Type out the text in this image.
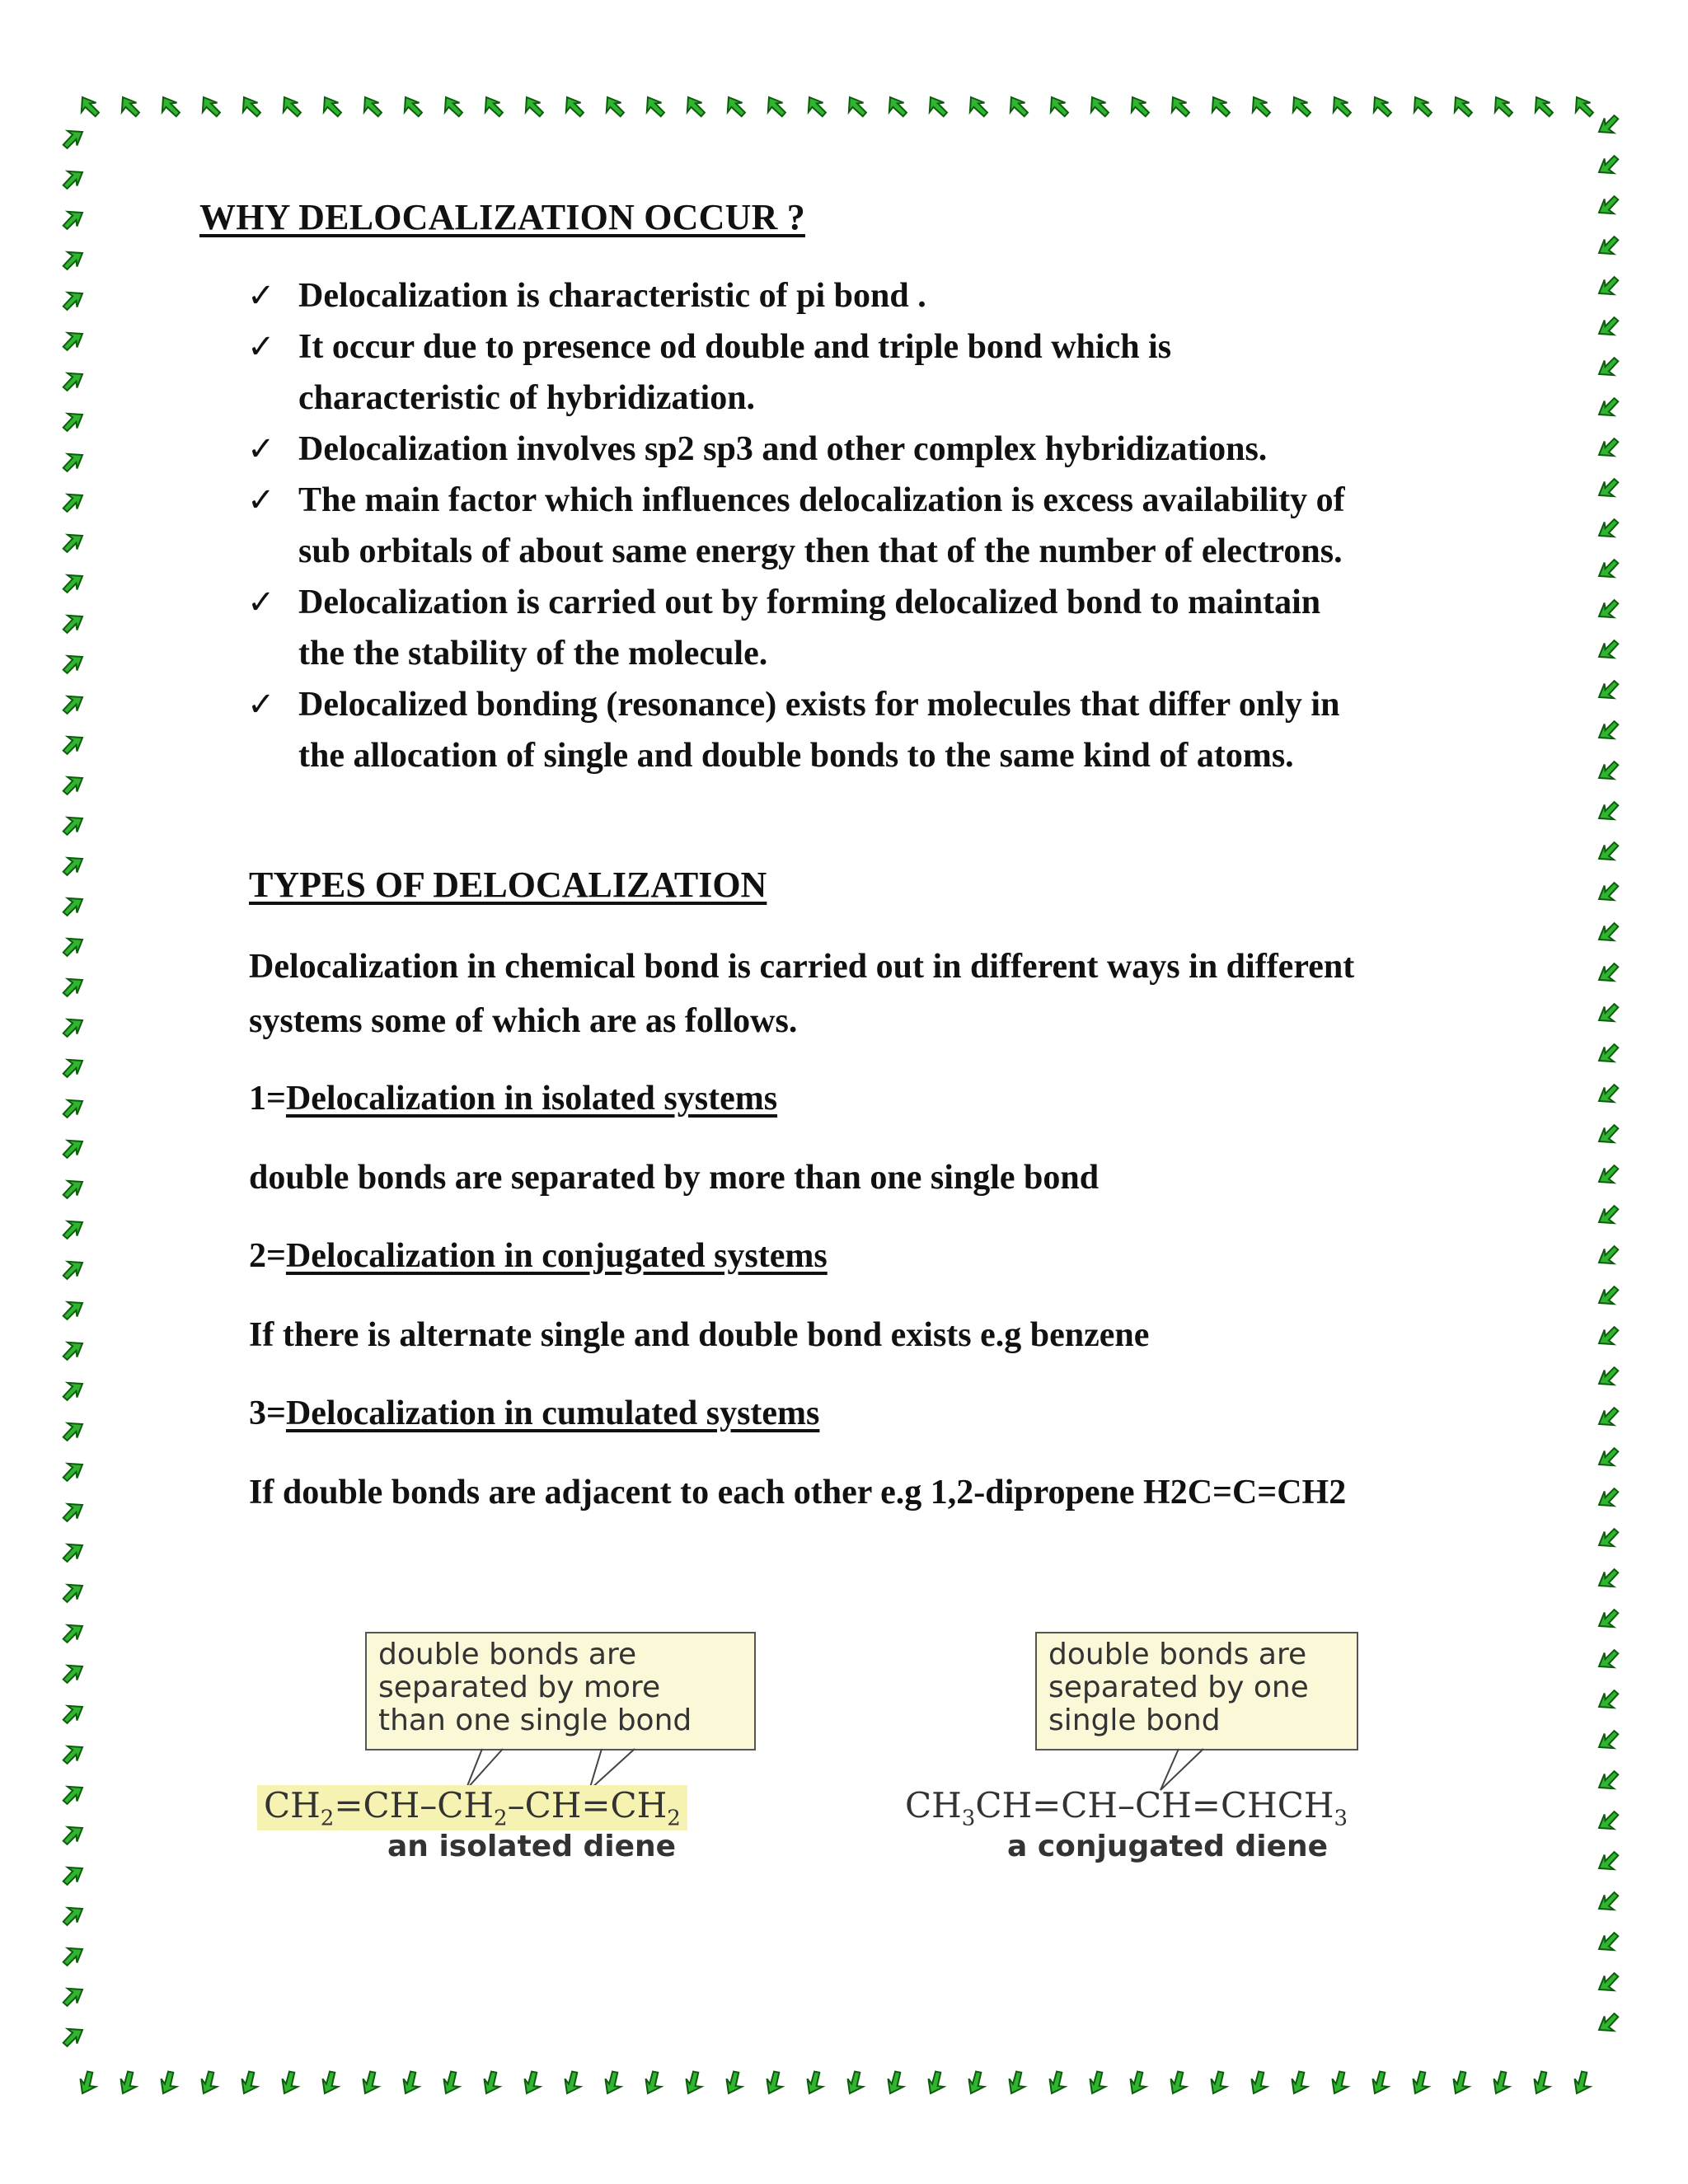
WHY DELOCALIZATION OCCUR ?
✓ Delocalization is characteristic of pi bond .
✓ It occur due to presence od double and triple bond which is
characteristic of hybridization.
✓ Delocalization involves sp2 sp3 and other complex hybridizations.
✓ The main factor which influences delocalization is excess availability of
sub orbitals of about same energy then that of the number of electrons.
✓ Delocalization is carried out by forming delocalized bond to maintain
the the stability of the molecule.
✓ Delocalized bonding (resonance) exists for molecules that differ only in
the allocation of single and double bonds to the same kind of atoms.
TYPES OF DELOCALIZATION
Delocalization in chemical bond is carried out in different ways in different
systems some of which are as follows.
1=Delocalization in isolated systems
double bonds are separated by more than one single bond
2=Delocalization in conjugated systems
If there is alternate single and double bond exists e.g benzene
3=Delocalization in cumulated systems
If double bonds are adjacent to each other e.g 1,2-dipropene H2C=C=CH2
double bonds are
separated by more
than one single bond
$CH_2=CH-CH_2-CH=CH_2$
an isolated diene
double bonds are
separated by one
single bond
$CH_3CH=CH-CH=CHCH_3$
a conjugated diene
